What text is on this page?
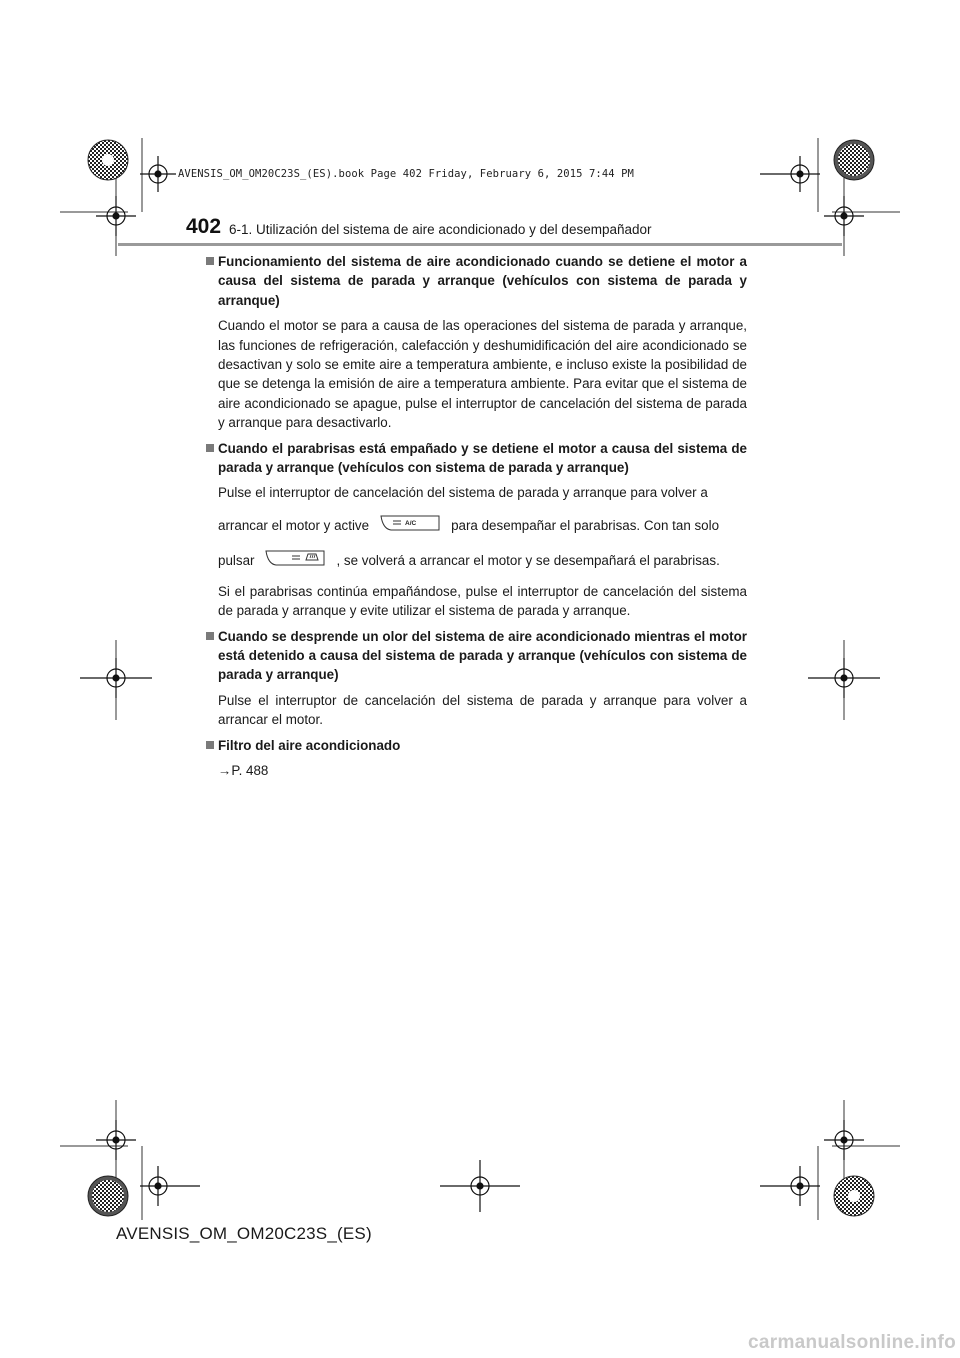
AVENSIS_OM_OM20C23S_(ES).book Page 402 Friday, February 6, 2015 7:44 PM
402 6-1. Utilización del sistema de aire acondicionado y del desempañador

Funcionamiento del sistema de aire acondicionado cuando se detiene el motor a causa del sistema de parada y arranque (vehículos con sistema de parada y arranque)

Cuando el motor se para a causa de las operaciones del sistema de parada y arranque, las funciones de refrigeración, calefacción y deshumidificación del aire acondicionado se desactivan y solo se emite aire a temperatura ambiente, e incluso existe la posibilidad de que se detenga la emisión de aire a temperatura ambiente. Para evitar que el sistema de aire acondicionado se apague, pulse el interruptor de cancelación del sistema de parada y arranque para desactivarlo.

Cuando el parabrisas está empañado y se detiene el motor a causa del sistema de parada y arranque (vehículos con sistema de parada y arranque)

Pulse el interruptor de cancelación del sistema de parada y arranque para volver a

arrancar el motor y active	A/C	para desempañar el parabrisas. Con tan solo

pulsar	, se volverá a arrancar el motor y se desempañará el parabrisas.

Si el parabrisas continúa empañándose, pulse el interruptor de cancelación del sistema de parada y arranque y evite utilizar el sistema de parada y arranque.

Cuando se desprende un olor del sistema de aire acondicionado mientras el motor está detenido a causa del sistema de parada y arranque (vehículos con sistema de parada y arranque)

Pulse el interruptor de cancelación del sistema de parada y arranque para volver a arrancar el motor.

Filtro del aire acondicionado

→P. 488

AVENSIS_OM_OM20C23S_(ES)
carmanualsonline.info
